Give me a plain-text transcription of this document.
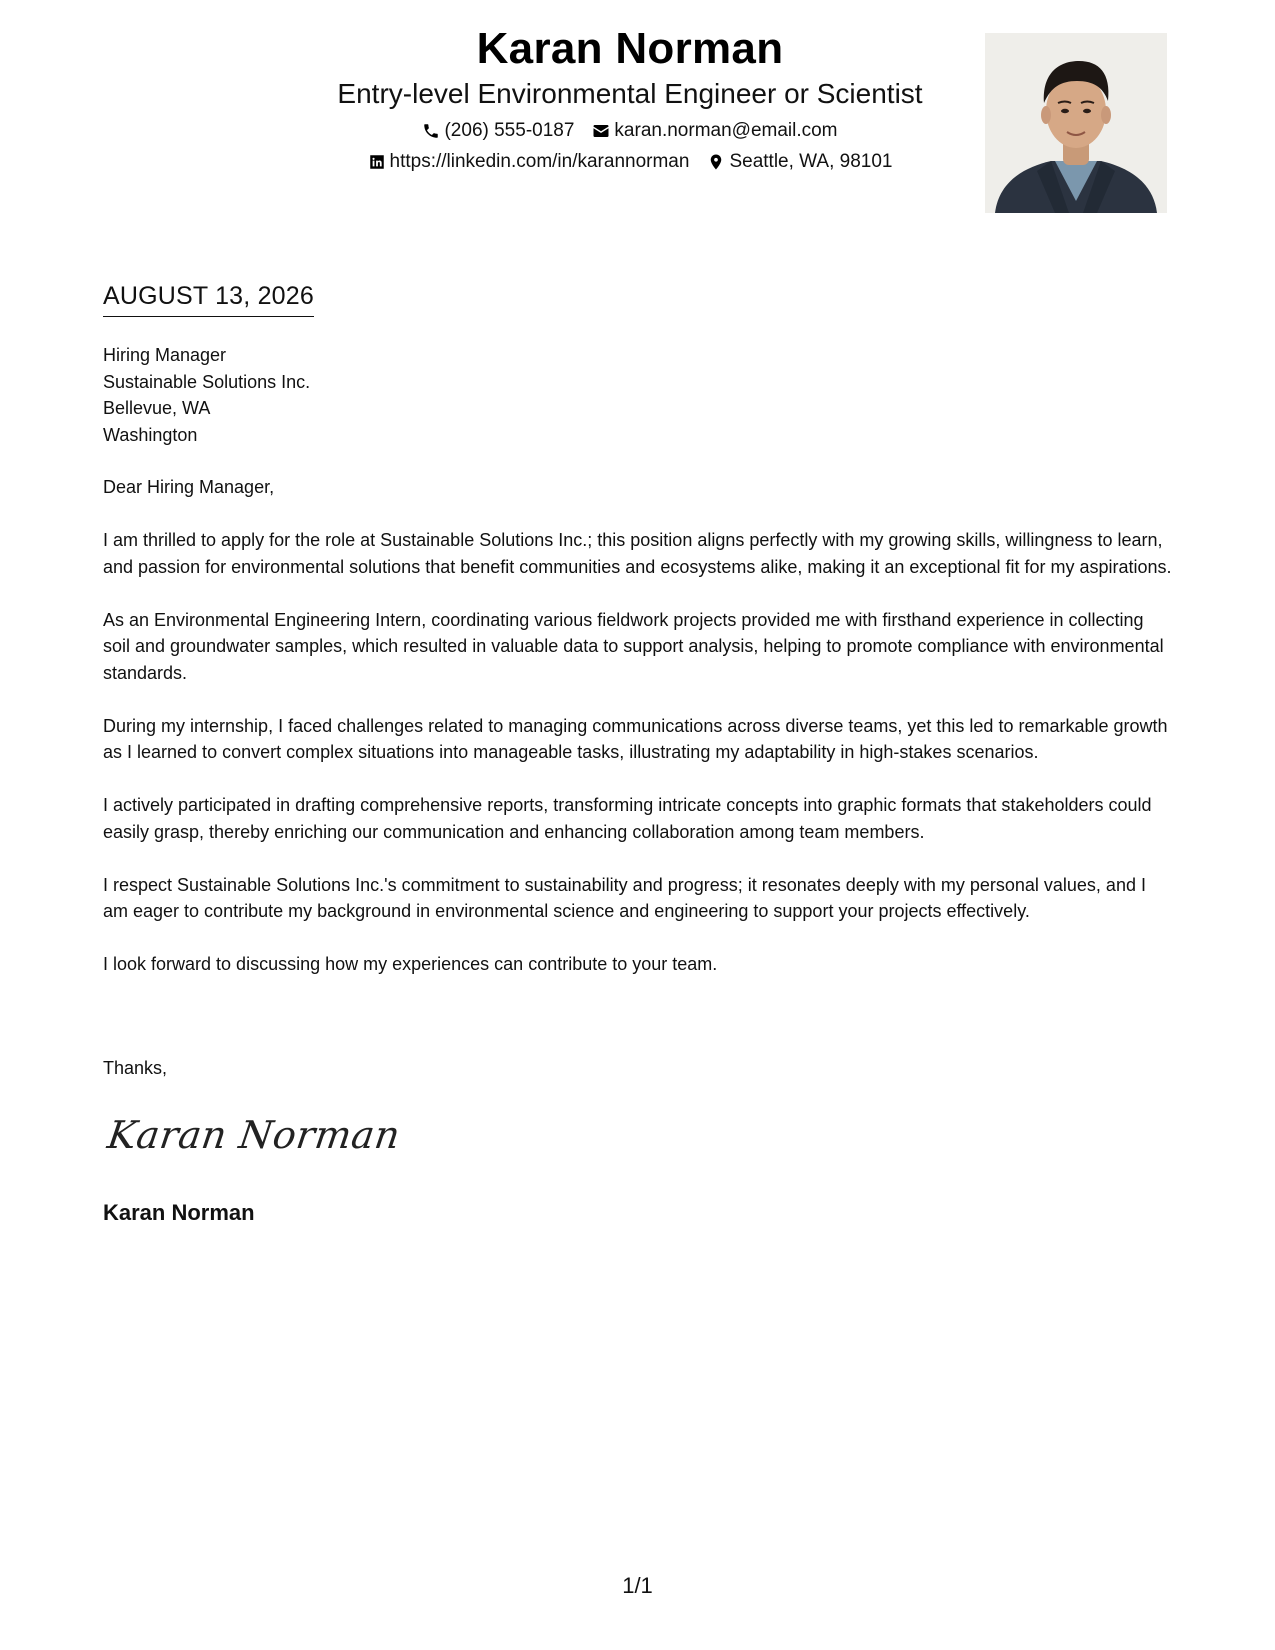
Karan Norman
Entry-level Environmental Engineer or Scientist
(206) 555-0187 karan.norman@email.com
https://linkedin.com/in/karannorman Seattle, WA, 98101
AUGUST 13, 2026
Hiring Manager
Sustainable Solutions Inc.
Bellevue, WA
Washington

Dear Hiring Manager,

I am thrilled to apply for the role at Sustainable Solutions Inc.; this position aligns perfectly with my growing skills, willingness to learn, and passion for environmental solutions that benefit communities and ecosystems alike, making it an exceptional fit for my aspirations.

As an Environmental Engineering Intern, coordinating various fieldwork projects provided me with firsthand experience in collecting soil and groundwater samples, which resulted in valuable data to support analysis, helping to promote compliance with environmental standards.

During my internship, I faced challenges related to managing communications across diverse teams, yet this led to remarkable growth as I learned to convert complex situations into manageable tasks, illustrating my adaptability in high-stakes scenarios.

I actively participated in drafting comprehensive reports, transforming intricate concepts into graphic formats that stakeholders could easily grasp, thereby enriching our communication and enhancing collaboration among team members.

I respect Sustainable Solutions Inc.'s commitment to sustainability and progress; it resonates deeply with my personal values, and I am eager to contribute my background in environmental science and engineering to support your projects effectively.

I look forward to discussing how my experiences can contribute to your team.

Thanks,
Karan Norman
Karan Norman
1/1
